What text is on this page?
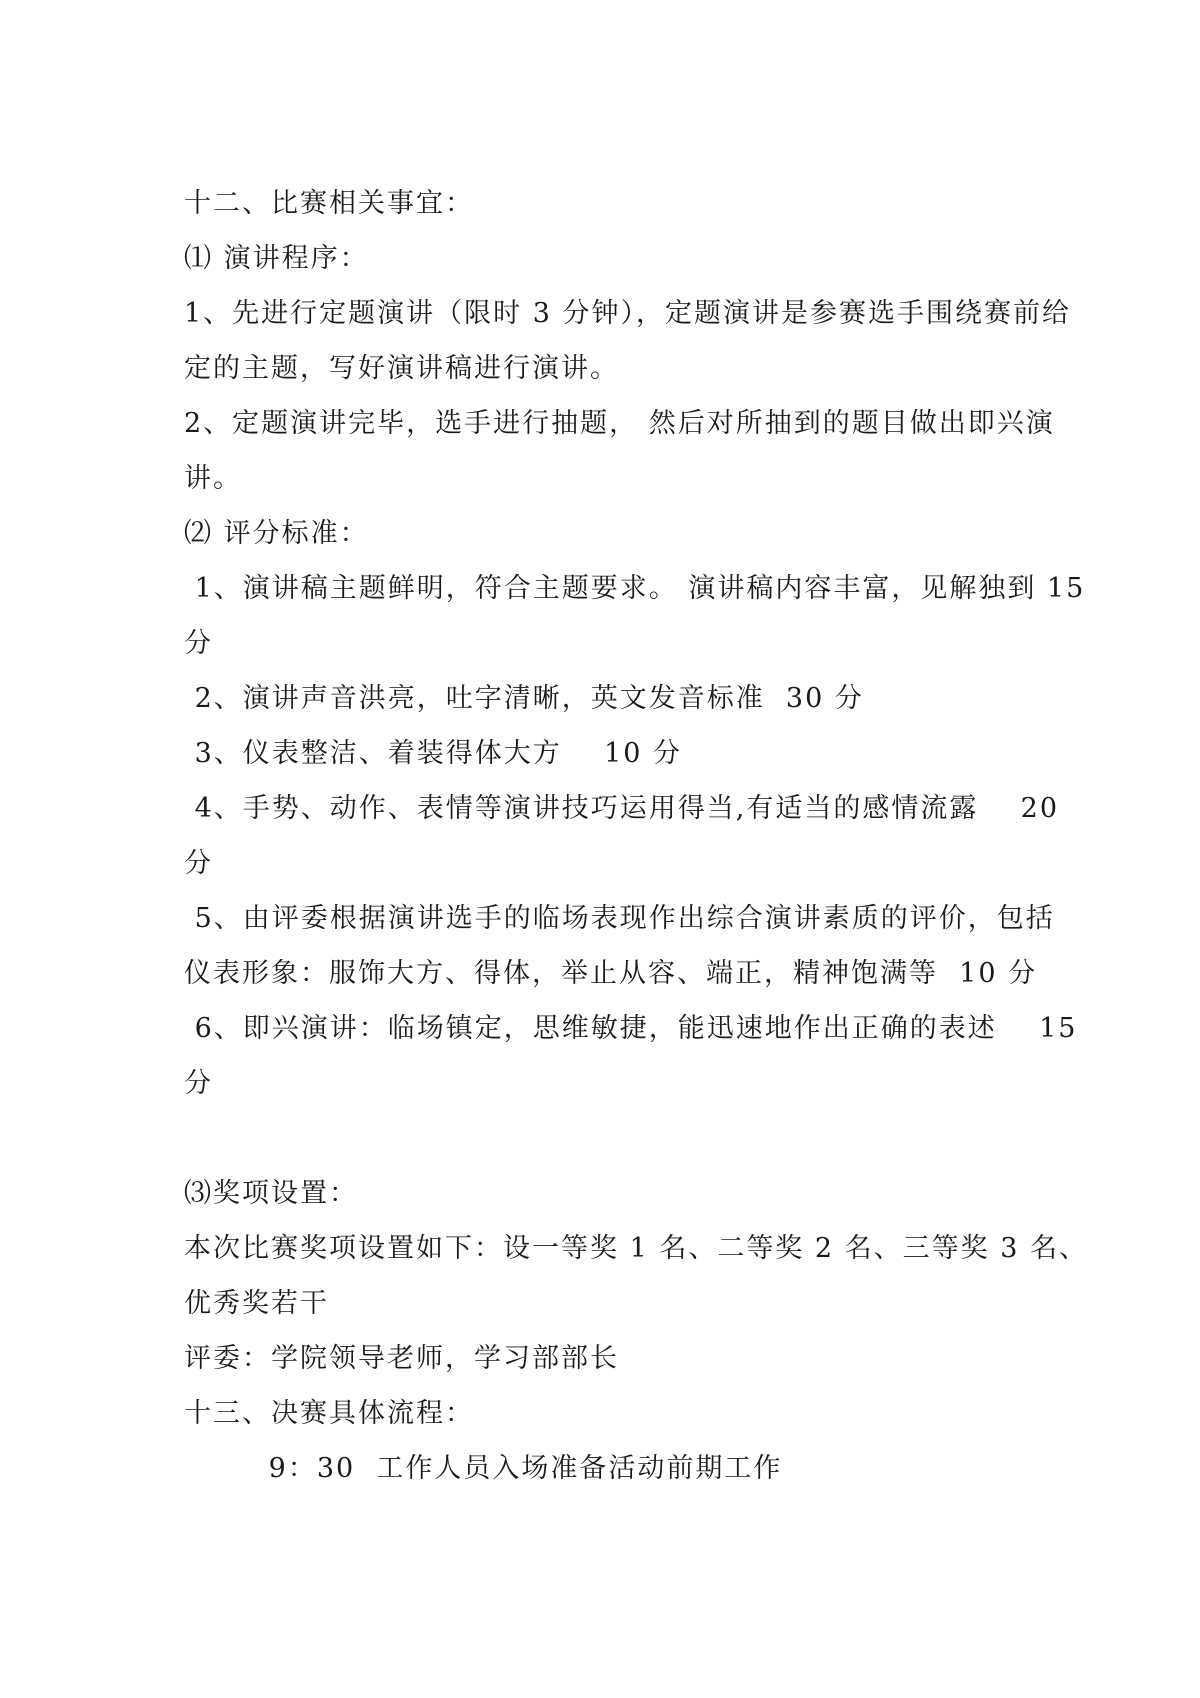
十二、比赛相关事宜：
⑴ 演讲程序：
1、先进行定题演讲（限时 3 分钟），定题演讲是参赛选手围绕赛前给
定的主题，写好演讲稿进行演讲。
2、定题演讲完毕，选手进行抽题， 然后对所抽到的题目做出即兴演
讲。
⑵ 评分标准：
1、演讲稿主题鲜明，符合主题要求。 演讲稿内容丰富，见解独到 15
分
2、演讲声音洪亮，吐字清晰，英文发音标准  30 分
3、仪表整洁、着装得体大方    10 分
4、手势、动作、表情等演讲技巧运用得当,有适当的感情流露    20
分
5、由评委根据演讲选手的临场表现作出综合演讲素质的评价，包括
仪表形象：服饰大方、得体，举止从容、端正，精神饱满等  10 分
6、即兴演讲：临场镇定，思维敏捷，能迅速地作出正确的表述    15
分
⑶奖项设置：
本次比赛奖项设置如下：设一等奖 1 名、二等奖 2 名、三等奖 3 名、
优秀奖若干
评委：学院领导老师，学习部部长
十三、决赛具体流程：
9：30  工作人员入场准备活动前期工作
